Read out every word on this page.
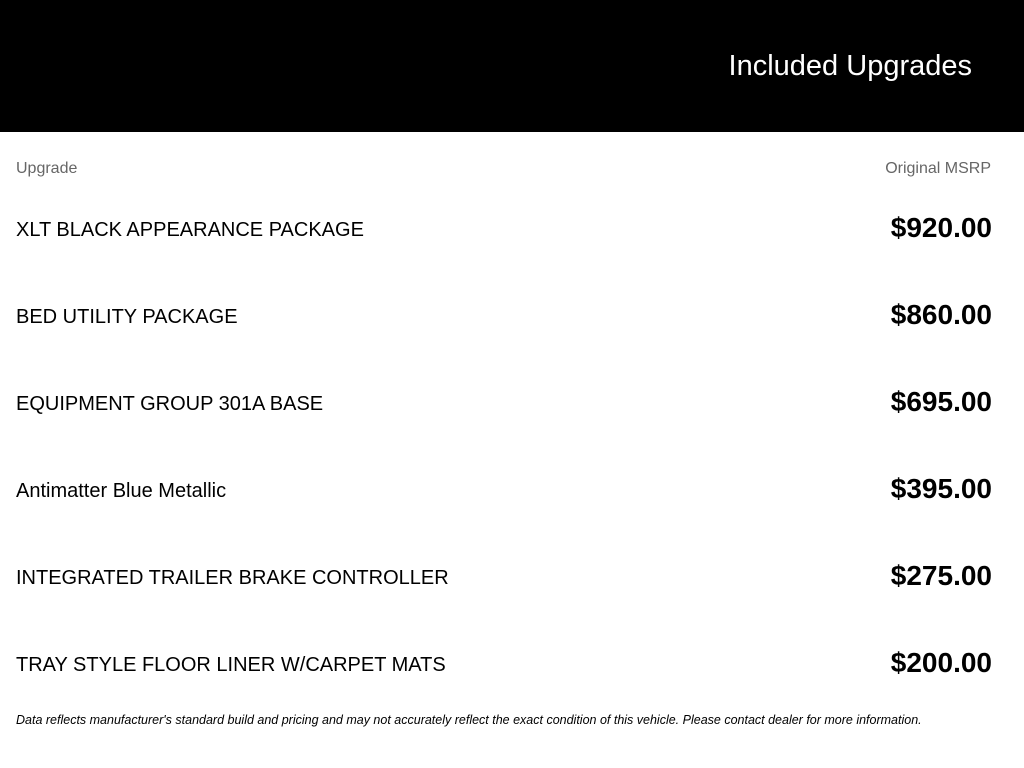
Included Upgrades
Upgrade	Original MSRP
XLT BLACK APPEARANCE PACKAGE	$920.00
BED UTILITY PACKAGE	$860.00
EQUIPMENT GROUP 301A BASE	$695.00
Antimatter Blue Metallic	$395.00
INTEGRATED TRAILER BRAKE CONTROLLER	$275.00
TRAY STYLE FLOOR LINER W/CARPET MATS	$200.00
Data reflects manufacturer's standard build and pricing and may not accurately reflect the exact condition of this vehicle. Please contact dealer for more information.
